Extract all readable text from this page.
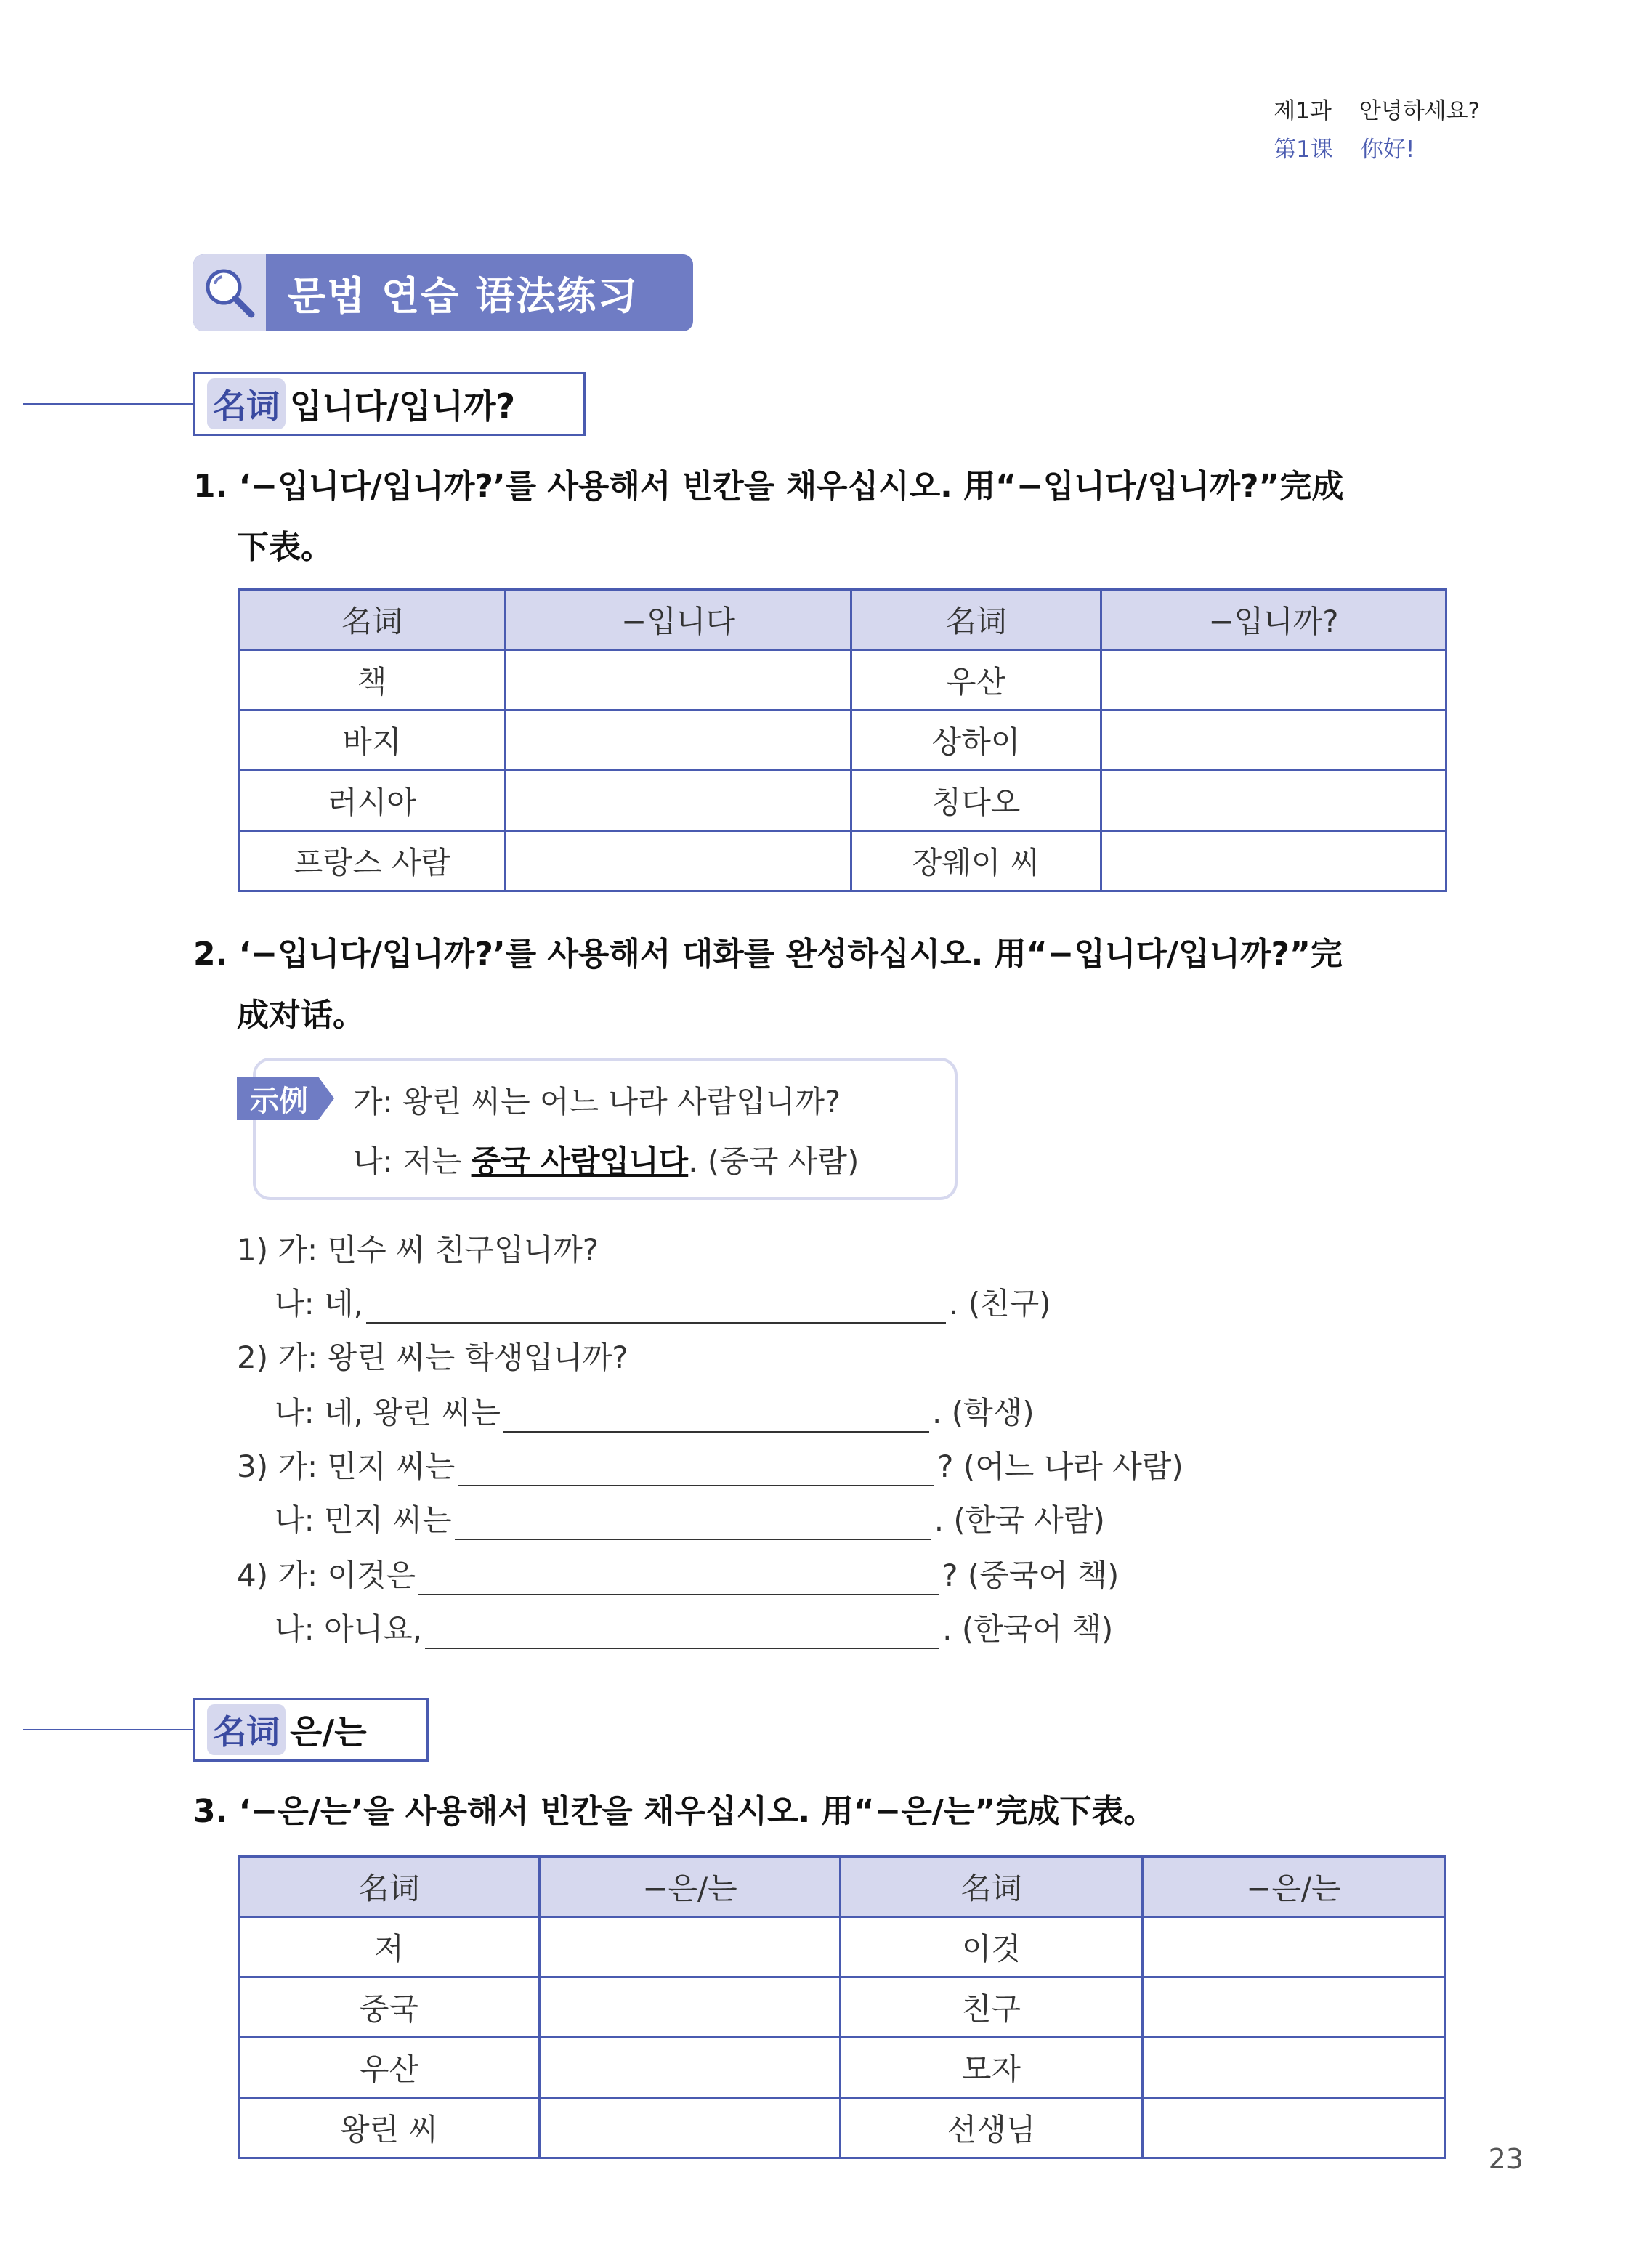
제1과 안녕하세요?
第1课 你好!
문법 연습 语法练习
名词 입니다/입니까?
1. ‘−입니다/입니까?’를 사용해서 빈칸을 채우십시오. 用“−입니다/입니까?”完成
下表。
名词	−입니다	名词	−입니까?
책		우산	
바지		상하이	
러시아		칭다오	
프랑스 사람		장웨이 씨	
2. ‘−입니다/입니까?’를 사용해서 대화를 완성하십시오. 用“−입니다/입니까?”完
成对话。
示例	가: 왕린 씨는 어느 나라 사람입니까?
나: 저는 중국 사람입니다. (중국 사람)
1) 가: 민수 씨 친구입니까?
나: 네,	. (친구)
2) 가: 왕린 씨는 학생입니까?
나: 네, 왕린 씨는	. (학생)
3) 가: 민지 씨는	? (어느 나라 사람)
나: 민지 씨는	. (한국 사람)
4) 가: 이것은	? (중국어 책)
나: 아니요,	. (한국어 책)
名词 은/는
3. ‘−은/는’을 사용해서 빈칸을 채우십시오. 用“−은/는”完成下表。
名词	−은/는	名词	−은/는
저		이것	
중국		친구	
우산		모자	
왕린 씨		선생님	
23
